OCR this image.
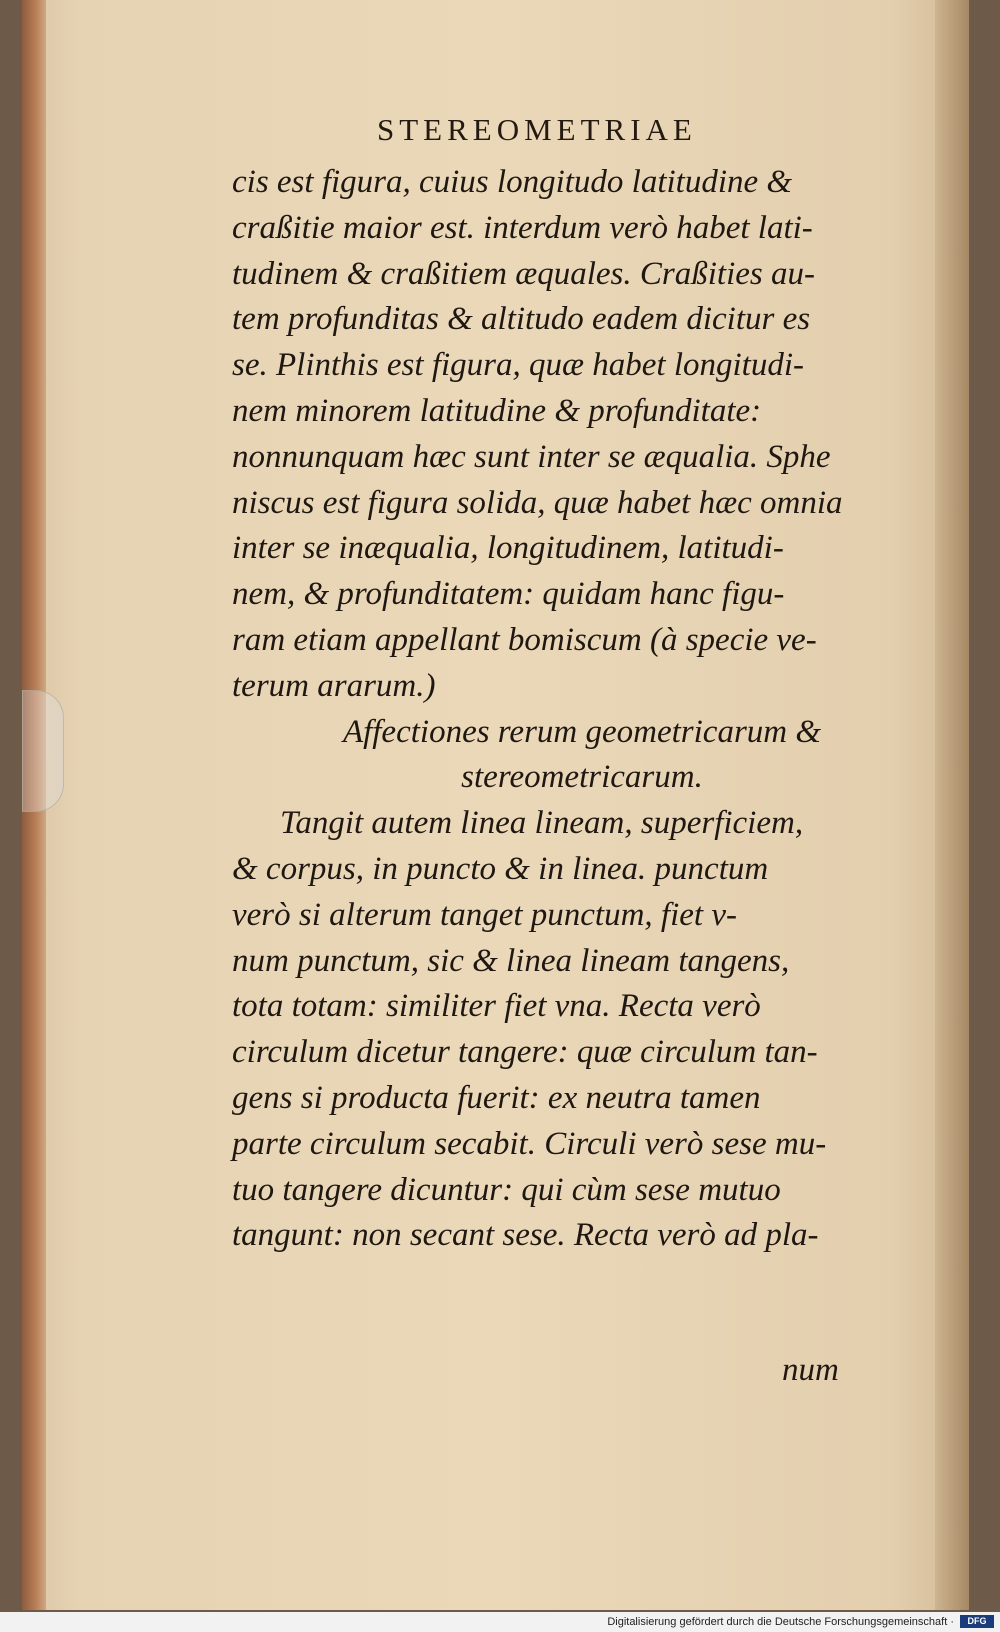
STEREOMETRIAE
cis est figura, cuius longitudo latitudine &
craßitie maior est. interdum verò habet lati-
tudinem & craßitiem æquales. Craßities au-
tem profunditas & altitudo eadem dicitur es
se. Plinthis est figura, quæ habet longitudi-
nem minorem latitudine & profunditate:
nonnunquam hæc sunt inter se æqualia. Sphe
niscus est figura solida, quæ habet hæc omnia
inter se inæqualia, longitudinem, latitudi-
nem, & profunditatem: quidam hanc figu-
ram etiam appellant bomiscum (à specie ve-
terum ararum.)
Affectiones rerum geometricarum &
stereometricarum.
Tangit autem linea lineam, superficiem,
& corpus, in puncto & in linea. punctum
verò si alterum tanget punctum, fiet v-
num punctum, sic & linea lineam tangens,
tota totam: similiter fiet vna. Recta verò
circulum dicetur tangere: quæ circulum tan-
gens si producta fuerit: ex neutra tamen
parte circulum secabit. Circuli verò sese mu-
tuo tangere dicuntur: qui cùm sese mutuo
tangunt: non secant sese. Recta verò ad pla-
num
Digitalisierung gefördert durch die Deutsche Forschungsgemeinschaft ·	DFG
